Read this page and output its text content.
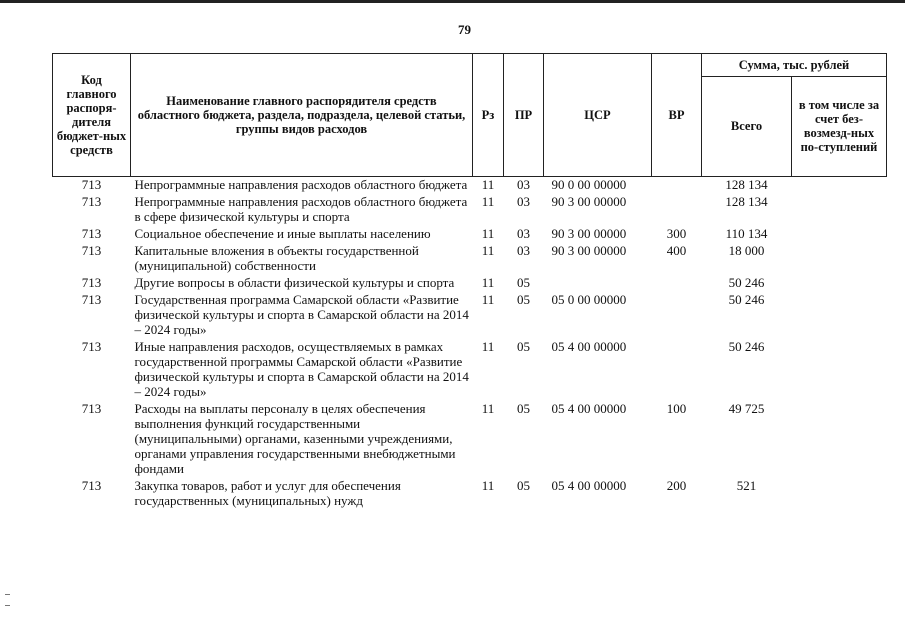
79
Код главного распоря-дителя бюджет-ных средств	Наименование главного распорядителя средств областного бюджета, раздела, подраздела, целевой статьи, группы видов расходов	Рз	ПР	ЦСР	ВР	Сумма, тыс. рублей	
						Всего	в том числе за счет без-возмезд-ных по-ступлений
713	Непрограммные направления расходов областного бюджета	11	03	90 0 00 00000		128 134	
713	Непрограммные направления расходов областного бюджета в сфере физической культуры и спорта	11	03	90 3 00 00000		128 134	
713	Социальное обеспечение и иные выплаты населению	11	03	90 3 00 00000	300	110 134	
713	Капитальные вложения в объекты государственной (муниципальной) собственности	11	03	90 3 00 00000	400	18 000	
713	Другие вопросы в области физической культуры и спорта	11	05			50 246	
713	Государственная программа Самарской области «Развитие физической культуры и спорта в Самарской области на 2014 – 2024 годы»	11	05	05 0 00 00000		50 246	
713	Иные направления расходов, осуществляемых в рамках государственной программы Самарской области «Развитие физической культуры и спорта в Самарской области на 2014 – 2024 годы»	11	05	05 4 00 00000		50 246	
713	Расходы на выплаты персоналу в целях обеспечения выполнения функций государственными (муниципальными) органами, казенными учреждениями, органами управления государственными внебюджетными фондами	11	05	05 4 00 00000	100	49 725	
713	Закупка товаров, работ и услуг для обеспечения государственных (муниципальных) нужд	11	05	05 4 00 00000	200	521	
